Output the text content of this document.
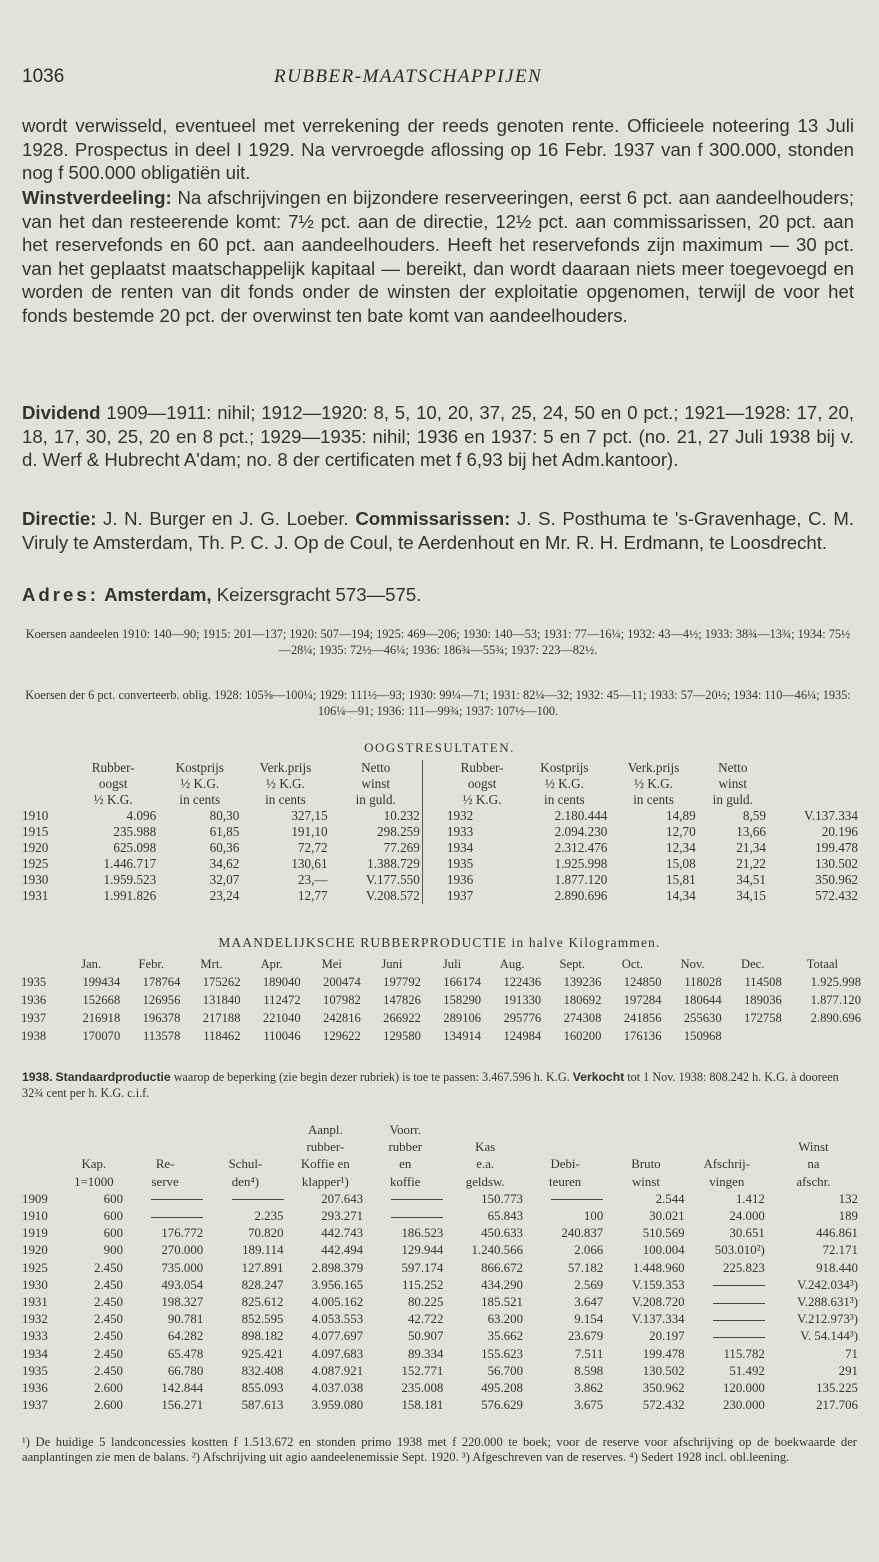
1036	RUBBER-MAATSCHAPPIJEN

wordt verwisseld, eventueel met verrekening der reeds genoten rente. Officieele noteering 13 Juli 1928. Prospectus in deel I 1929. Na vervroegde aflossing op 16 Febr. 1937 van f 300.000, stonden nog f 500.000 obligatiën uit.

Winstverdeeling: Na afschrijvingen en bijzondere reserveeringen, eerst 6 pct. aan aandeelhouders; van het dan resteerende komt: 7½ pct. aan de directie, 12½ pct. aan commissarissen, 20 pct. aan het reservefonds en 60 pct. aan aandeelhouders. Heeft het reservefonds zijn maximum — 30 pct. van het geplaatst maatschappelijk kapitaal — bereikt, dan wordt daaraan niets meer toegevoegd en worden de renten van dit fonds onder de winsten der exploitatie opgenomen, terwijl de voor het fonds bestemde 20 pct. der overwinst ten bate komt van aandeelhouders.

Dividend 1909—1911: nihil; 1912—1920: 8, 5, 10, 20, 37, 25, 24, 50 en 0 pct.; 1921—1928: 17, 20, 18, 17, 30, 25, 20 en 8 pct.; 1929—1935: nihil; 1936 en 1937: 5 en 7 pct. (no. 21, 27 Juli 1938 bij v. d. Werf & Hubrecht A'dam; no. 8 der certificaten met f 6,93 bij het Adm.kantoor).

Directie: J. N. Burger en J. G. Loeber. Commissarissen: J. S. Posthuma te 's-Gravenhage, C. M. Viruly te Amsterdam, Th. P. C. J. Op de Coul, te Aerdenhout en Mr. R. H. Erdmann, te Loosdrecht.

Adres: Amsterdam, Keizersgracht 573—575.

Koersen aandeelen 1910: 140—90; 1915: 201—137; 1920: 507—194; 1925: 469—206; 1930: 140—53; 1931: 77—16¼; 1932: 43—4½; 1933: 38¾—13¾; 1934: 75½—28¼; 1935: 72½—46¼; 1936: 186¾—55¾; 1937: 223—82½.
Koersen der 6 pct. converteerb. oblig. 1928: 105⅝—100¼; 1929: 111½—93; 1930: 99¼—71; 1931: 82¼—32; 1932: 45—11; 1933: 57—20½; 1934: 110—46¼; 1935: 106¼—91; 1936: 111—99¾; 1937: 107½—100.
OOGSTRESULTATEN.
	Rubber-	Kostprijs	Verk.prijs	Netto		Rubber-	Kostprijs	Verk.prijs	Netto	
	oogst	½ K.G.	½ K.G.	winst		oogst	½ K.G.	½ K.G.	winst	
	½ K.G.	in cents	in cents	in guld.		½ K.G.	in cents	in cents	in guld.	
1910	4.096	80,30	327,15	10.232		1932	2.180.444	14,89	8,59	V.137.334
1915	235.988	61,85	191,10	298.259		1933	2.094.230	12,70	13,66	20.196
1920	625.098	60,36	72,72	77.269		1934	2.312.476	12,34	21,34	199.478
1925	1.446.717	34,62	130,61	1.388.729		1935	1.925.998	15,08	21,22	130.502
1930	1.959.523	32,07	23,—	V.177.550		1936	1.877.120	15,81	34,51	350.962
1931	1.991.826	23,24	12,77	V.208.572		1937	2.890.696	14,34	34,15	572.432
MAANDELIJKSCHE RUBBERPRODUCTIE in halve Kilogrammen.
	Jan.	Febr.	Mrt.	Apr.	Mei	Juni	Juli	Aug.	Sept.	Oct.	Nov.	Dec.	Totaal
1935	199434	178764	175262	189040	200474	197792	166174	122436	139236	124850	118028	114508	1.925.998
1936	152668	126956	131840	112472	107982	147826	158290	191330	180692	197284	180644	189036	1.877.120
1937	216918	196378	217188	221040	242816	266922	289106	295776	274308	241856	255630	172758	2.890.696
1938	170070	113578	118462	110046	129622	129580	134914	124984	160200	176136	150968		
1938. Standaardproductie waarop de beperking (zie begin dezer rubriek) is toe te passen: 3.467.596 h. K.G. Verkocht tot 1 Nov. 1938: 808.242 h. K.G. à dooreen 32¾ cent per h. K.G. c.i.f.
				Aanpl.	Voorr.					
				rubber-	rubber	Kas				Winst
	Kap.	Re-	Schul-	Koffie en	en	e.a.	Debi-	Bruto	Afschrij-	na
	1=1000	serve	den⁴)	klapper¹)	koffie	geldsw.	teuren	winst	vingen	afschr.
1909	600			207.643		150.773		2.544	1.412	132
1910	600		2.235	293.271		65.843	100	30.021	24.000	189
1919	600	176.772	70.820	442.743	186.523	450.633	240.837	510.569	30.651	446.861
1920	900	270.000	189.114	442.494	129.944	1.240.566	2.066	100.004	503.010²)	72.171
1925	2.450	735.000	127.891	2.898.379	597.174	866.672	57.182	1.448.960	225.823	918.440
1930	2.450	493.054	828.247	3.956.165	115.252	434.290	2.569	V.159.353		V.242.034³)
1931	2.450	198.327	825.612	4.005.162	80.225	185.521	3.647	V.208.720		V.288.631³)
1932	2.450	90.781	852.595	4.053.553	42.722	63.200	9.154	V.137.334		V.212.973³)
1933	2.450	64.282	898.182	4.077.697	50.907	35.662	23.679	20.197		V. 54.144³)
1934	2.450	65.478	925.421	4.097.683	89.334	155.623	7.511	199.478	115.782	71
1935	2.450	66.780	832.408	4.087.921	152.771	56.700	8.598	130.502	51.492	291
1936	2.600	142.844	855.093	4.037.038	235.008	495.208	3.862	350.962	120.000	135.225
1937	2.600	156.271	587.613	3.959.080	158.181	576.629	3.675	572.432	230.000	217.706
¹) De huidige 5 landconcessies kostten f 1.513.672 en stonden primo 1938 met f 220.000 te boek; voor de reserve voor afschrijving op de boekwaarde der aanplantingen zie men de balans. ²) Afschrijving uit agio aandeelenemissie Sept. 1920. ³) Afgeschreven van de reserves. ⁴) Sedert 1928 incl. obl.leening.
